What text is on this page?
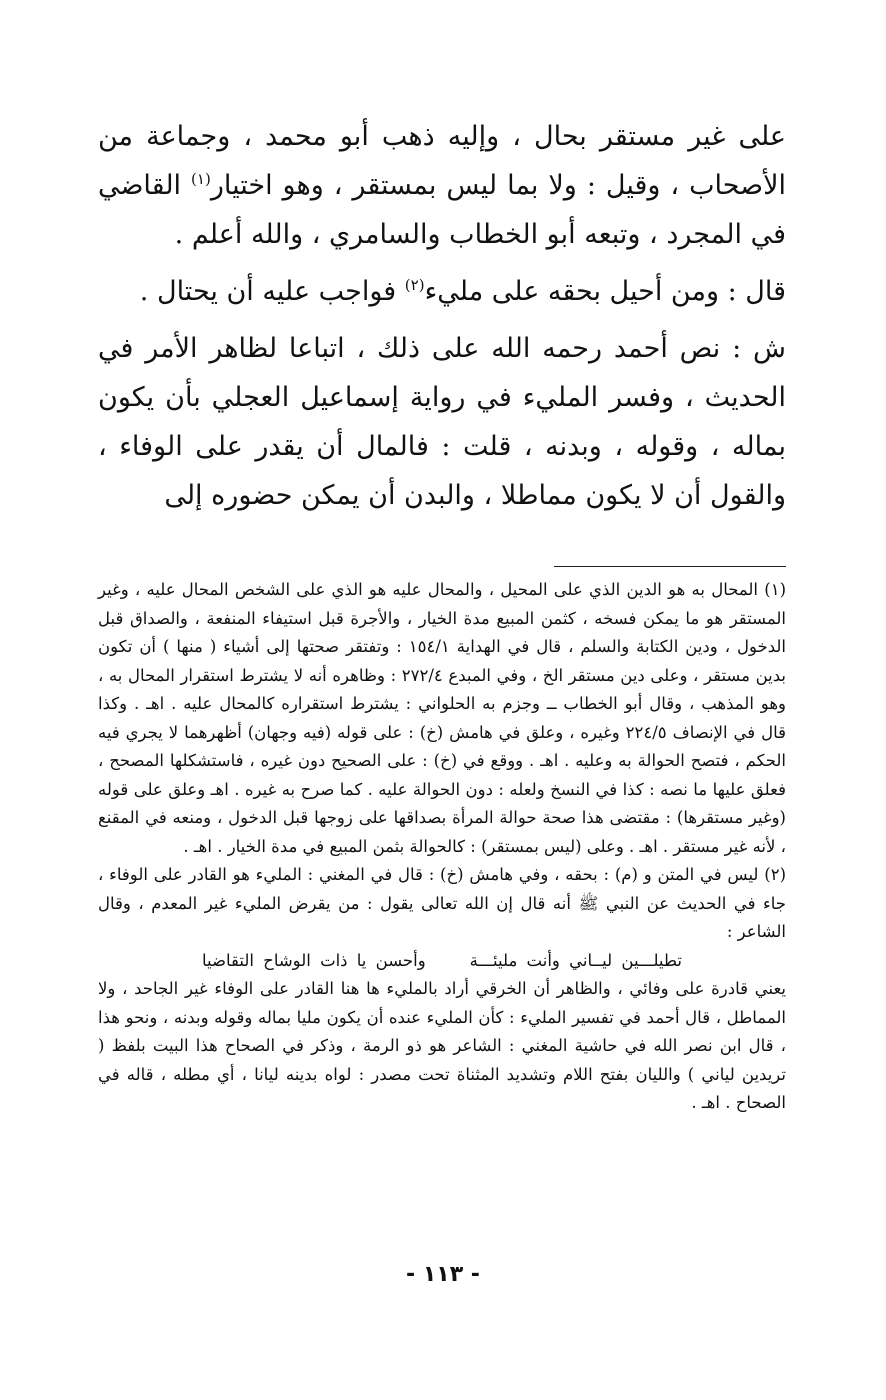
على غير مستقر بحال ، وإليه ذهب أبو محمد ، وجماعة من الأصحاب ، وقيل : ولا بما ليس بمستقر ، وهو اختيار$^{(١)}$ القاضي في المجرد ، وتبعه أبو الخطاب والسامري ، والله أعلم .

قال : ومن أحيل بحقه على مليء$^{(٢)}$ فواجب عليه أن يحتال .

ش : نص أحمد رحمه الله على ذلك ، اتباعا لظاهر الأمر في الحديث ، وفسر المليء في رواية إسماعيل العجلي بأن يكون بماله ، وقوله ، وبدنه ، قلت : فالمال أن يقدر على الوفاء ، والقول أن لا يكون مماطلا ، والبدن أن يمكن حضوره إلى

(١) المحال به هو الدين الذي على المحيل ، والمحال عليه هو الذي على الشخص المحال عليه ، وغير المستقر هو ما يمكن فسخه ، كثمن المبيع مدة الخيار ، والأجرة قبل استيفاء المنفعة ، والصداق قبل الدخول ، ودين الكتابة والسلم ، قال في الهداية ١٥٤/١ : وتفتقر صحتها إلى أشياء ( منها ) أن تكون بدين مستقر ، وعلى دين مستقر الخ ، وفي المبدع ٢٧٢/٤ : وظاهره أنه لا يشترط استقرار المحال به ، وهو المذهب ، وقال أبو الخطاب ــ وجزم به الحلواني : يشترط استقراره كالمحال عليه . اهـ . وكذا قال في الإنصاف ٢٢٤/٥ وغيره ، وعلق في هامش (خ) : على قوله (فيه وجهان) أظهرهما لا يجري فيه الحكم ، فتصح الحوالة به وعليه . اهـ . ووقع في (خ) : على الصحيح دون غيره ، فاستشكلها المصحح ، فعلق عليها ما نصه : كذا في النسخ ولعله : دون الحوالة عليه . كما صرح به غيره . اهـ وعلق على قوله (وغير مستقرها) : مقتضى هذا صحة حوالة المرأة بصداقها على زوجها قبل الدخول ، ومنعه في المقنع ، لأنه غير مستقر . اهـ . وعلى (ليس بمستقر) : كالحوالة بثمن المبيع في مدة الخيار . اهـ .

(٢) ليس في المتن و (م) : بحقه ، وفي هامش (خ) : قال في المغني : المليء هو القادر على الوفاء ، جاء في الحديث عن النبي ﷺ أنه قال إن الله تعالى يقول : من يقرض المليء غير المعدم ، وقال الشاعر :

تطيلـــين ليــاني وأنت مليئـــةوأحسن يا ذات الوشاح التقاضيا

يعني قادرة على وفائي ، والظاهر أن الخرقي أراد بالمليء ها هنا القادر على الوفاء غير الجاحد ، ولا المماطل ، قال أحمد في تفسير المليء : كأن المليء عنده أن يكون مليا بماله وقوله وبدنه ، ونحو هذا ، قال ابن نصر الله في حاشية المغني : الشاعر هو ذو الرمة ، وذكر في الصحاح هذا البيت بلفظ ( تريدين لياني ) والليان بفتح اللام وتشديد المثناة تحت مصدر : لواه بدينه ليانا ، أي مطله ، قاله في الصحاح . اهـ .

- ١١٣ -
